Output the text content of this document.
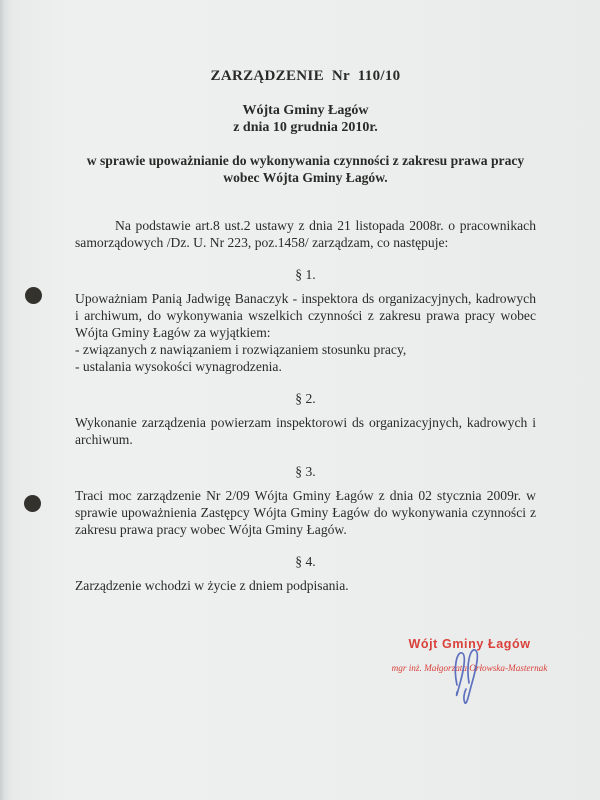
ZARZĄDZENIE Nr 110/10
Wójta Gminy Łagów
z dnia 10 grudnia 2010r.
w sprawie upoważnianie do wykonywania czynności z zakresu prawa pracy wobec Wójta Gminy Łagów.

Na podstawie art.8 ust.2 ustawy z dnia 21 listopada 2008r. o pracownikach samorządowych /Dz. U. Nr 223, poz.1458/ zarządzam, co następuje:

§ 1.

Upoważniam Panią Jadwigę Banaczyk - inspektora ds organizacyjnych, kadrowych i archiwum, do wykonywania wszelkich czynności z zakresu prawa pracy wobec Wójta Gminy Łagów za wyjątkiem:

- związanych z nawiązaniem i rozwiązaniem stosunku pracy,
- ustalania wysokości wynagrodzenia.
§ 2.

Wykonanie zarządzenia powierzam inspektorowi ds organizacyjnych, kadrowych i archiwum.

§ 3.

Traci moc zarządzenie Nr 2/09 Wójta Gminy Łagów z dnia 02 stycznia 2009r. w sprawie upoważnienia Zastępcy Wójta Gminy Łagów do wykonywania czynności z zakresu prawa pracy wobec Wójta Gminy Łagów.

§ 4.

Zarządzenie wchodzi w życie z dniem podpisania.

Wójt Gminy Łagów
mgr inż. Małgorzata Orłowska-Masternak
